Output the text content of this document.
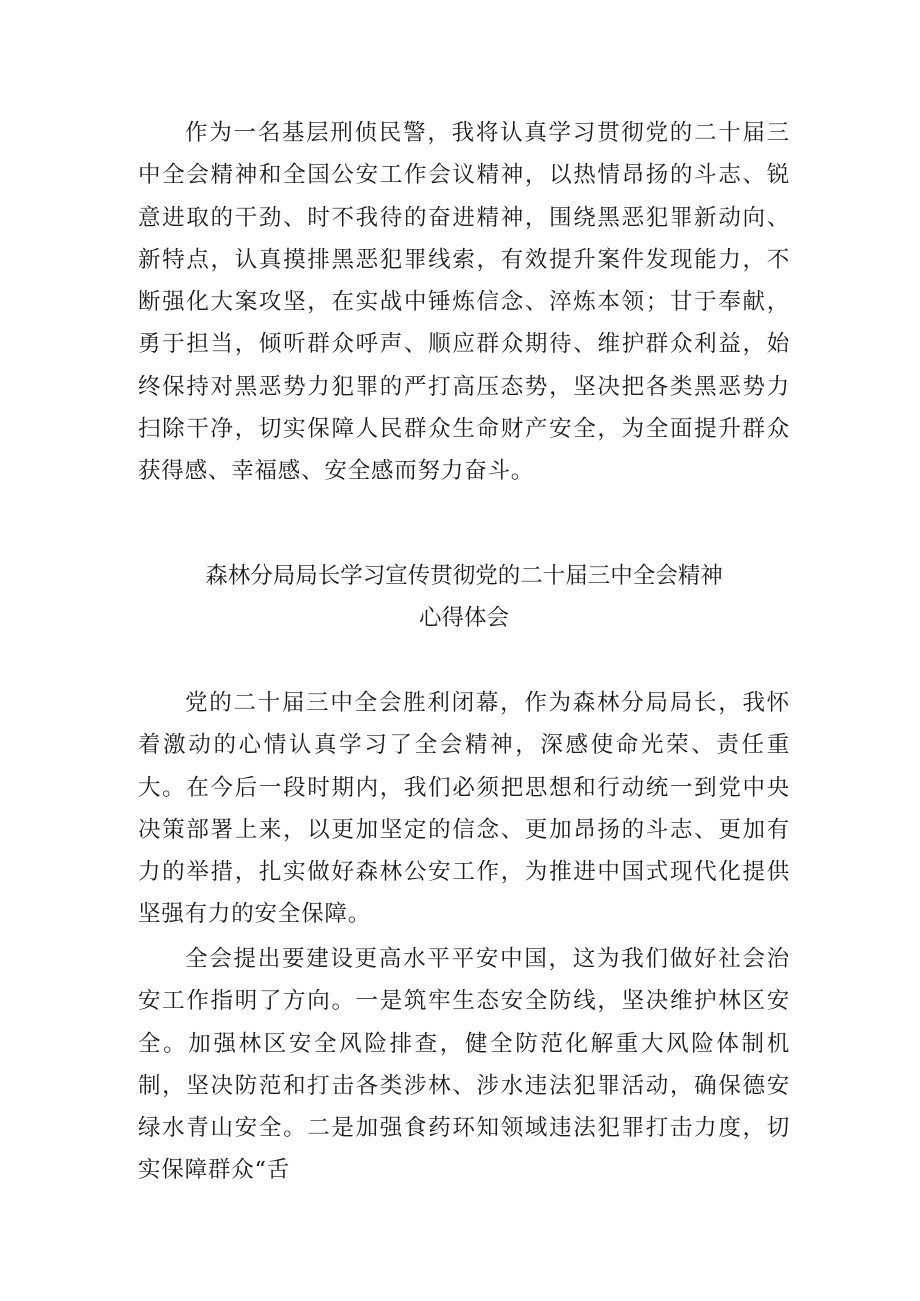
作为一名基层刑侦民警，我将认真学习贯彻党的二十届三中全会精神和全国公安工作会议精神，以热情昂扬的斗志、锐意进取的干劲、时不我待的奋进精神，围绕黑恶犯罪新动向、新特点，认真摸排黑恶犯罪线索，有效提升案件发现能力，不断强化大案攻坚，在实战中锤炼信念、淬炼本领；甘于奉献，勇于担当，倾听群众呼声、顺应群众期待、维护群众利益，始终保持对黑恶势力犯罪的严打高压态势，坚决把各类黑恶势力扫除干净，切实保障人民群众生命财产安全，为全面提升群众获得感、幸福感、安全感而努力奋斗。

森林分局局长学习宣传贯彻党的二十届三中全会精神
心得体会

党的二十届三中全会胜利闭幕，作为森林分局局长，我怀着激动的心情认真学习了全会精神，深感使命光荣、责任重大。在今后一段时期内，我们必须把思想和行动统一到党中央决策部署上来，以更加坚定的信念、更加昂扬的斗志、更加有力的举措，扎实做好森林公安工作，为推进中国式现代化提供坚强有力的安全保障。

全会提出要建设更高水平平安中国，这为我们做好社会治安工作指明了方向。一是筑牢生态安全防线，坚决维护林区安全。加强林区安全风险排查，健全防范化解重大风险体制机制，坚决防范和打击各类涉林、涉水违法犯罪活动，确保德安绿水青山安全。二是加强食药环知领域违法犯罪打击力度，切实保障群众“舌
